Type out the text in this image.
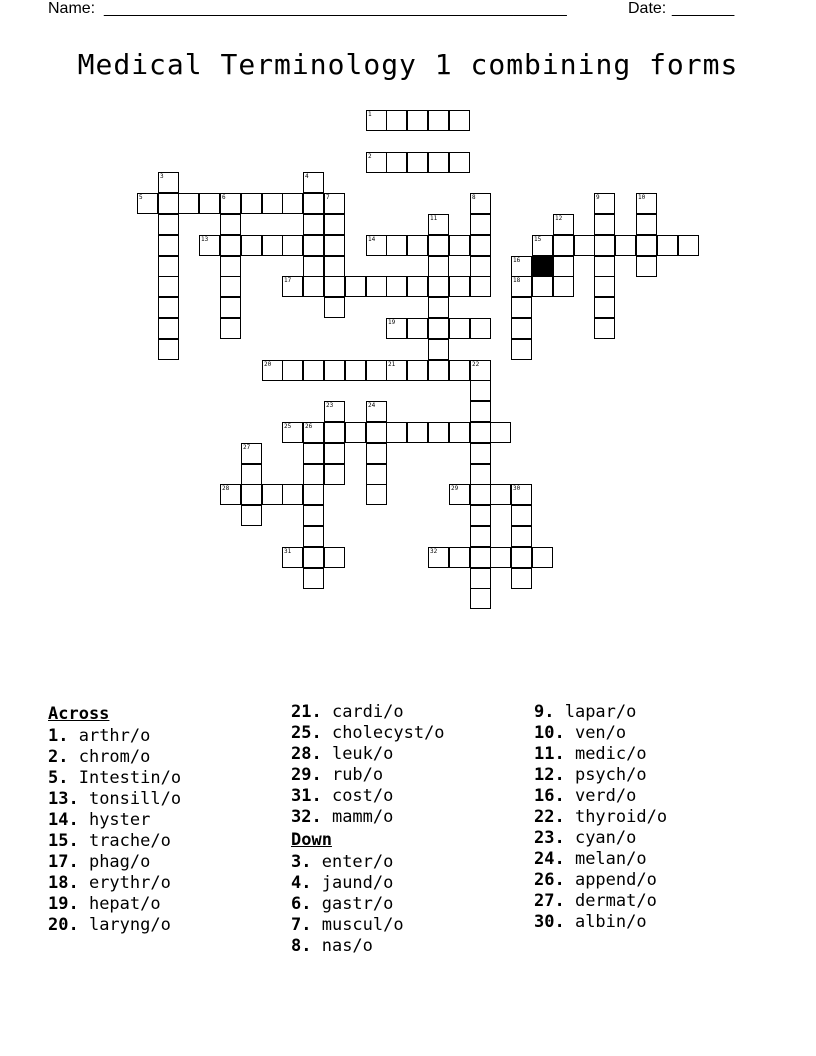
Name: ____________________________________________________	Date: _______
Medical Terminology 1 combining forms
1
2
5	6
13	14	15
17	18
19
20	21
25 26
28	29
31	32
3	4
7	8	9	10
11	12
16
22
23	24
27
30
Across
1. arthr/o
2. chrom/o
5. Intestin/o
13. tonsill/o
14. hyster
15. trache/o
17. phag/o
18. erythr/o
19. hepat/o
20. laryng/o
21. cardi/o
25. cholecyst/o
28. leuk/o
29. rub/o
31. cost/o
32. mamm/o
Down
3. enter/o
4. jaund/o
6. gastr/o
7. muscul/o
8. nas/o
9. lapar/o
10. ven/o
11. medic/o
12. psych/o
16. verd/o
22. thyroid/o
23. cyan/o
24. melan/o
26. append/o
27. dermat/o
30. albin/o
